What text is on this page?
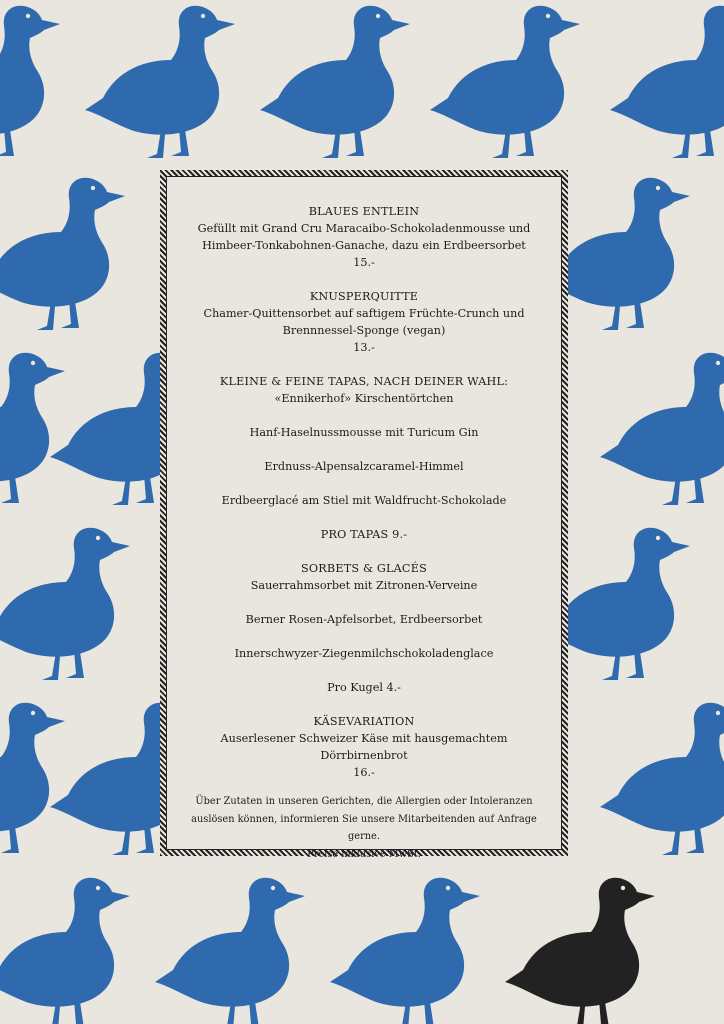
BLAUES ENTLEIN
Gefüllt mit Grand Cru Maracaibo-Schokoladenmousse und
Himbeer-Tonkabohnen-Ganache, dazu ein Erdbeersorbet
15.-
KNUSPERQUITTE
Chamer-Quittensorbet auf saftigem Früchte-Crunch und
Brennnessel-Sponge (vegan)
13.-
KLEINE & FEINE TAPAS, NACH DEINER WAHL:
«Ennikerhof» Kirschentörtchen
Hanf-Haselnussmousse mit Turicum Gin
Erdnuss-Alpensalzcaramel-Himmel
Erdbeerglacé am Stiel mit Waldfrucht-Schokolade
PRO TAPAS 9.-
SORBETS & GLACÉS
Sauerrahmsorbet mit Zitronen-Verveine
Berner Rosen-Apfelsorbet, Erdbeersorbet
Innerschwyzer-Ziegenmilchschokoladenglace
Pro Kugel 4.-
KÄSEVARIATION
Auserlesener Schweizer Käse mit hausgemachtem Dörrbirnenbrot
16.-
Über Zutaten in unseren Gerichten, die Allergien oder Intoleranzen
auslösen können, informieren Sie unsere Mitarbeitenden auf Anfrage gerne.
Preise inklusive MwSt.
